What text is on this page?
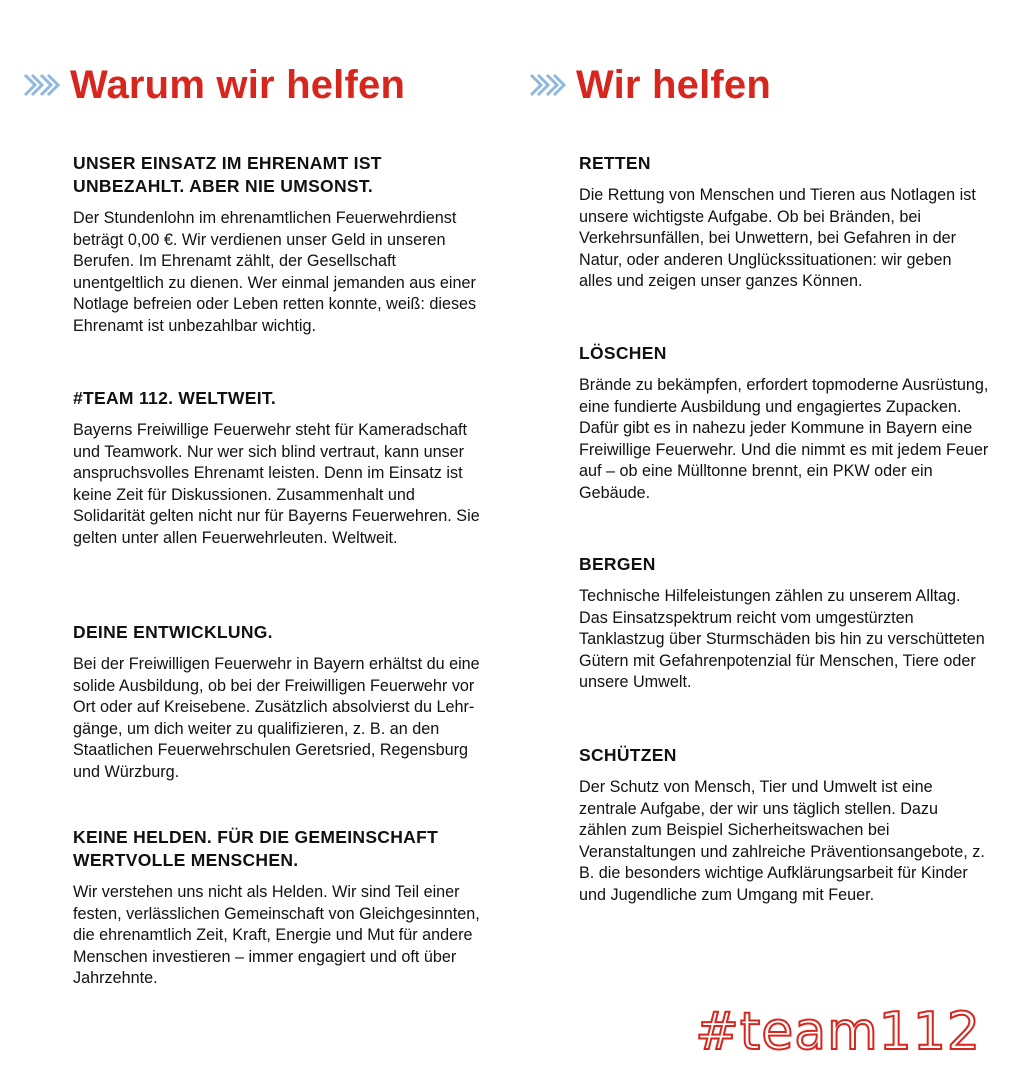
Warum wir helfen

UNSER EINSATZ IM EHRENAMT IST UNBEZAHLT. ABER NIE UMSONST.

Der Stundenlohn im ehrenamtlichen Feuerwehrdienst beträgt 0,00 €. Wir verdienen unser Geld in unseren Berufen. Im Ehrenamt zählt, der Gesellschaft unentgeltlich zu dienen. Wer einmal jemanden aus einer Notlage befreien oder Leben retten konnte, weiß: dieses Ehrenamt ist unbezahlbar wichtig.

#TEAM 112. WELTWEIT.

Bayerns Freiwillige Feuerwehr steht für Kameradschaft und Teamwork. Nur wer sich blind vertraut, kann unser anspruchsvolles Ehrenamt leisten. Denn im Einsatz ist keine Zeit für Diskussionen. Zusammenhalt und Solidarität gelten nicht nur für Bayerns Feuerwehren. Sie gelten unter allen Feuerwehrleuten. Weltweit.

DEINE ENTWICKLUNG.

Bei der Freiwilligen Feuerwehr in Bayern erhältst du eine solide Ausbildung, ob bei der Freiwilligen Feuerwehr vor Ort oder auf Kreisebene. Zusätzlich absolvierst du Lehrgänge, um dich weiter zu qualifizieren, z. B. an den Staatlichen Feuerwehrschulen Geretsried, Regensburg und Würzburg.

KEINE HELDEN. FÜR DIE GEMEINSCHAFT WERTVOLLE MENSCHEN.

Wir verstehen uns nicht als Helden. Wir sind Teil einer festen, verlässlichen Gemeinschaft von Gleichgesinnten, die ehrenamtlich Zeit, Kraft, Energie und Mut für andere Menschen investieren – immer engagiert und oft über Jahrzehnte.

Wir helfen

RETTEN

Die Rettung von Menschen und Tieren aus Notlagen ist unsere wichtigste Aufgabe. Ob bei Bränden, bei Verkehrsunfällen, bei Unwettern, bei Gefahren in der Natur, oder anderen Unglückssituationen: wir geben alles und zeigen unser ganzes Können.

LÖSCHEN

Brände zu bekämpfen, erfordert topmoderne Ausrüstung, eine fundierte Ausbildung und engagiertes Zupacken. Dafür gibt es in nahezu jeder Kommune in Bayern eine Freiwillige Feuerwehr. Und die nimmt es mit jedem Feuer auf – ob eine Mülltonne brennt, ein PKW oder ein Gebäude.

BERGEN

Technische Hilfeleistungen zählen zu unserem Alltag. Das Einsatzspektrum reicht vom umgestürzten Tanklastzug über Sturmschäden bis hin zu verschütteten Gütern mit Gefahrenpotenzial für Menschen, Tiere oder unsere Umwelt.

SCHÜTZEN

Der Schutz von Mensch, Tier und Umwelt ist eine zentrale Aufgabe, der wir uns täglich stellen. Dazu zählen zum Beispiel Sicherheitswachen bei Veranstaltungen und zahlreiche Präventionsangebote, z. B. die besonders wichtige Aufklärungsarbeit für Kinder und Jugendliche zum Umgang mit Feuer.

#team112
